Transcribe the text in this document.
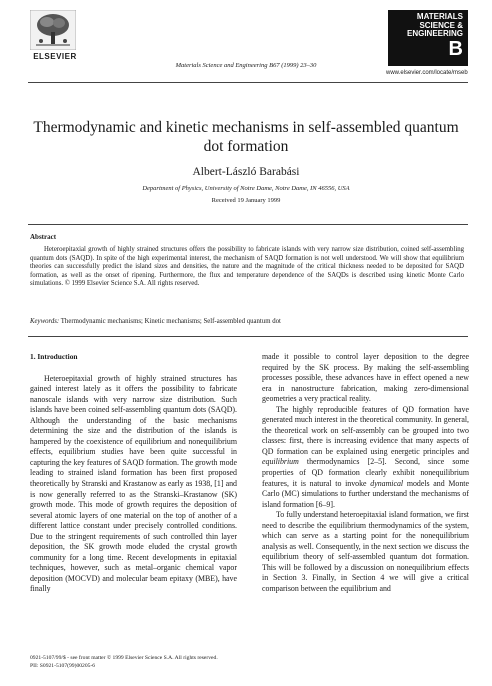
ELSEVIER
Materials Science and Engineering B67 (1999) 23–30
MATERIALS
SCIENCE &
ENGINEERING
B
www.elsevier.com/locate/mseb
Thermodynamic and kinetic mechanisms in self-assembled quantum dot formation
Albert-László Barabási
Department of Physics, University of Notre Dame, Notre Dame, IN 46556, USA
Received 19 January 1999
Abstract

Heteroepitaxial growth of highly strained structures offers the possibility to fabricate islands with very narrow size distribution, coined self-assembling quantum dots (SAQD). In spite of the high experimental interest, the mechanism of SAQD formation is not well understood. We will show that equilibrium theories can successfully predict the island sizes and densities, the nature and the magnitude of the critical thickness needed to be deposited for SAQD formation, as well as the onset of ripening. Furthermore, the flux and temperature dependence of the SAQDs is described using kinetic Monte Carlo simulations. © 1999 Elsevier Science S.A. All rights reserved.

Keywords: Thermodynamic mechanisms; Kinetic mechanisms; Self-assembled quantum dot
1. Introduction

Heteroepitaxial growth of highly strained structures has gained interest lately as it offers the possibility to fabricate nanoscale islands with very narrow size distribution. Such islands have been coined self-assembling quantum dots (SAQD). Although the understanding of the basic mechanisms determining the size and the distribution of the islands is hampered by the coexistence of equilibrium and nonequilibrium effects, equilibrium studies have been quite successful in capturing the key features of SAQD formation. The growth mode leading to strained island formation has been first proposed theoretically by Stranski and Krastanow as early as 1938, [1] and is now generally referred to as the Stranski–Krastanow (SK) growth mode. This mode of growth requires the deposition of several atomic layers of one material on the top of another of a different lattice constant under precisely controlled conditions. Due to the stringent requirements of such controlled thin layer deposition, the SK growth mode eluded the crystal growth community for a long time. Recent developments in epitaxial techniques, however, such as metal–organic chemical vapor deposition (MOCVD) and molecular beam epitaxy (MBE), have finally

made it possible to control layer deposition to the degree required by the SK process. By making the self-assembling processes possible, these advances have in effect opened a new era in nanostructure fabrication, making zero-dimensional geometries a very practical reality.

The highly reproducible features of QD formation have generated much interest in the theoretical community. In general, the theoretical work on self-assembly can be grouped into two classes: first, there is increasing evidence that many aspects of QD formation can be explained using energetic principles and equilibrium thermodynamics [2–5]. Second, since some properties of QD formation clearly exhibit nonequilibrium features, it is natural to invoke dynamical models and Monte Carlo (MC) simulations to further understand the mechanisms of island formation [6–9].

To fully understand heteroepitaxial island formation, we first need to describe the equilibrium thermodynamics of the system, which can serve as a starting point for the nonequilibrium analysis as well. Consequently, in the next section we discuss the equilibrium theory of self-assembled quantum dot formation. This will be followed by a discussion on nonequilibrium effects in Section 3. Finally, in Section 4 we will give a critical comparison between the equilibrium and

0921-5107/99/$ - see front matter © 1999 Elsevier Science S.A. All rights reserved.
PII: S0921-5107(99)00205-6
